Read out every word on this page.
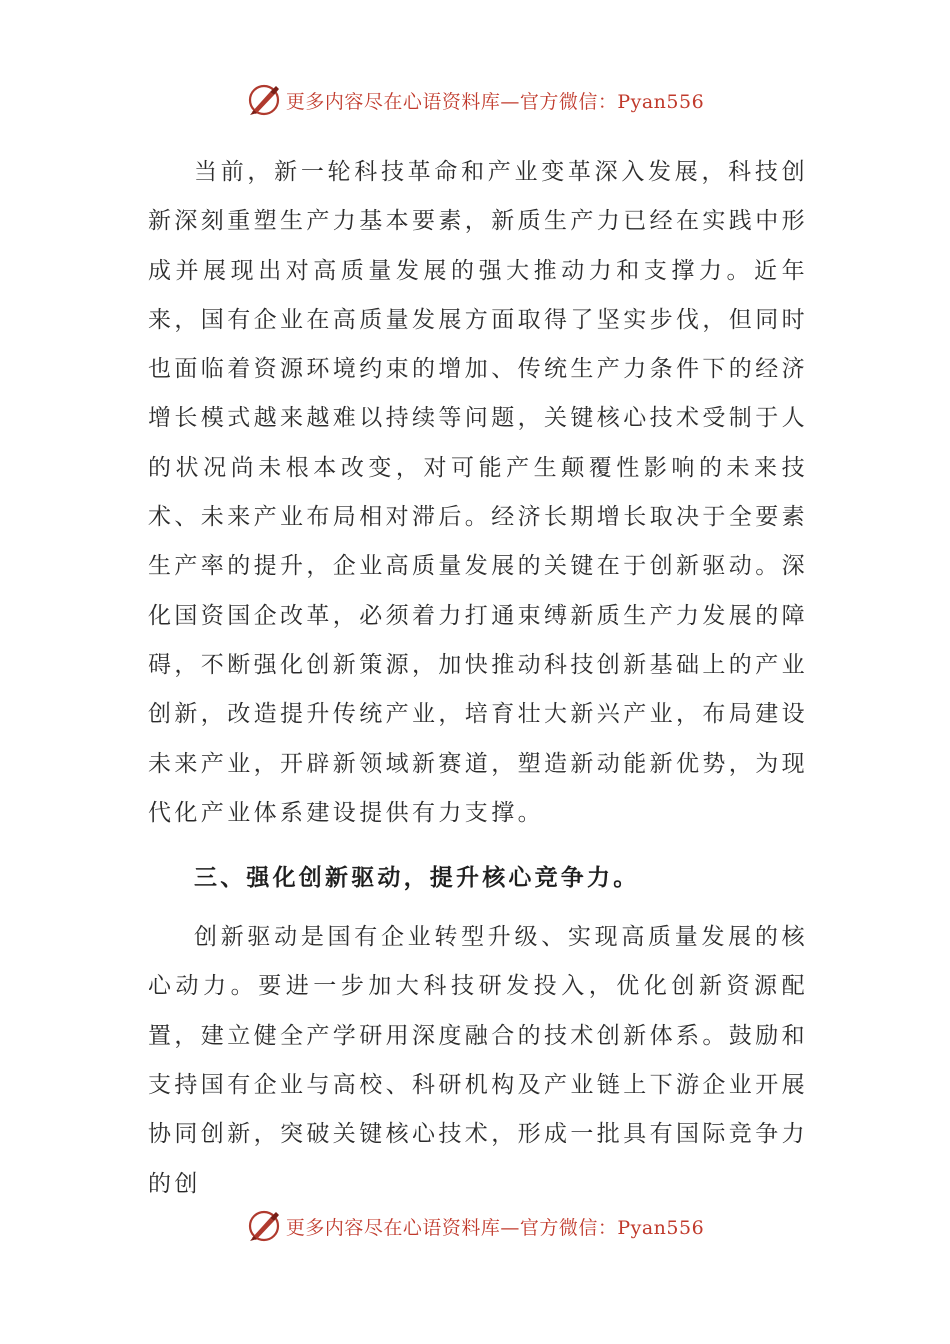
更多内容尽在心语资料库—官方微信：Pyan556

当前，新一轮科技革命和产业变革深入发展，科技创新深刻重塑生产力基本要素，新质生产力已经在实践中形成并展现出对高质量发展的强大推动力和支撑力。近年来，国有企业在高质量发展方面取得了坚实步伐，但同时也面临着资源环境约束的增加、传统生产力条件下的经济增长模式越来越难以持续等问题，关键核心技术受制于人的状况尚未根本改变，对可能产生颠覆性影响的未来技术、未来产业布局相对滞后。经济长期增长取决于全要素生产率的提升，企业高质量发展的关键在于创新驱动。深化国资国企改革，必须着力打通束缚新质生产力发展的障碍，不断强化创新策源，加快推动科技创新基础上的产业创新，改造提升传统产业，培育壮大新兴产业，布局建设未来产业，开辟新领域新赛道，塑造新动能新优势，为现代化产业体系建设提供有力支撑。

三、强化创新驱动，提升核心竞争力。

创新驱动是国有企业转型升级、实现高质量发展的核心动力。要进一步加大科技研发投入，优化创新资源配置，建立健全产学研用深度融合的技术创新体系。鼓励和支持国有企业与高校、科研机构及产业链上下游企业开展协同创新，突破关键核心技术，形成一批具有国际竞争力的创

更多内容尽在心语资料库—官方微信：Pyan556
